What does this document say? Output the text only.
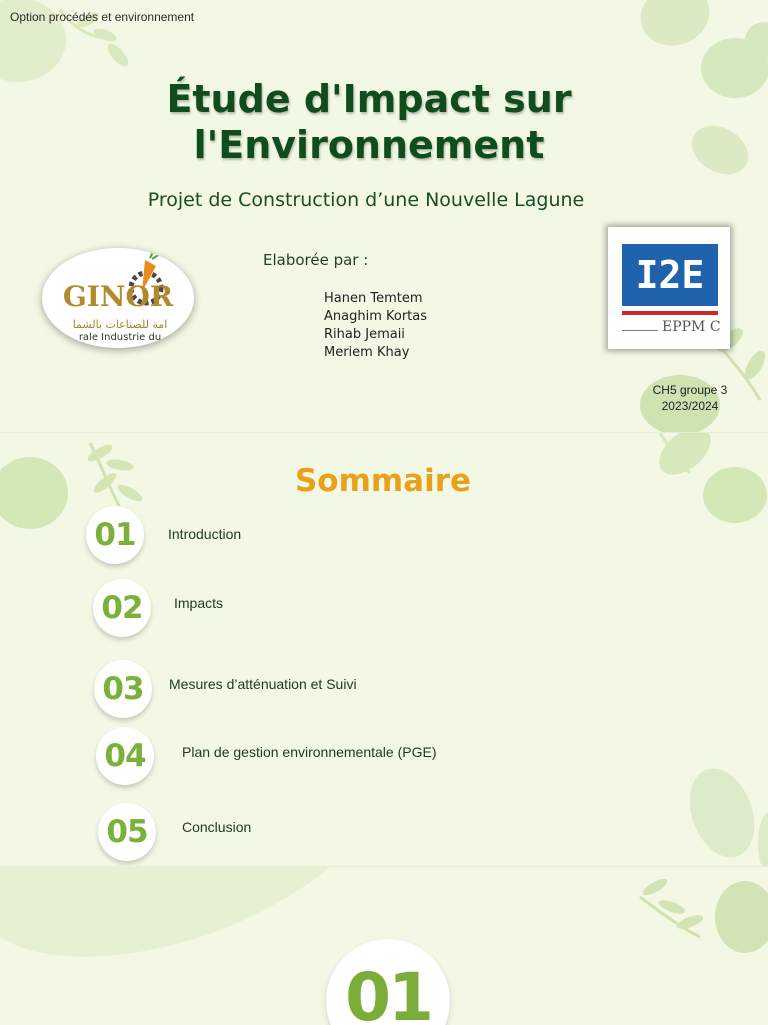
Option procédés et environnement
Étude d'Impact sur
l'Environnement
Projet de Construction d’une Nouvelle Lagune
GINOR
امة للصناعات بالشما
rale Industrie du
Elaborée par :
Hanen Temtem
Anaghim Kortas
Rihab Jemaii
Meriem Khay
I2E
EPPM C
CH5 groupe 3
2023/2024
Sommaire
01	Introduction
02	Impacts
03	Mesures d’atténuation et Suivi
04	Plan de gestion environnementale (PGE)
05	Conclusion
01
